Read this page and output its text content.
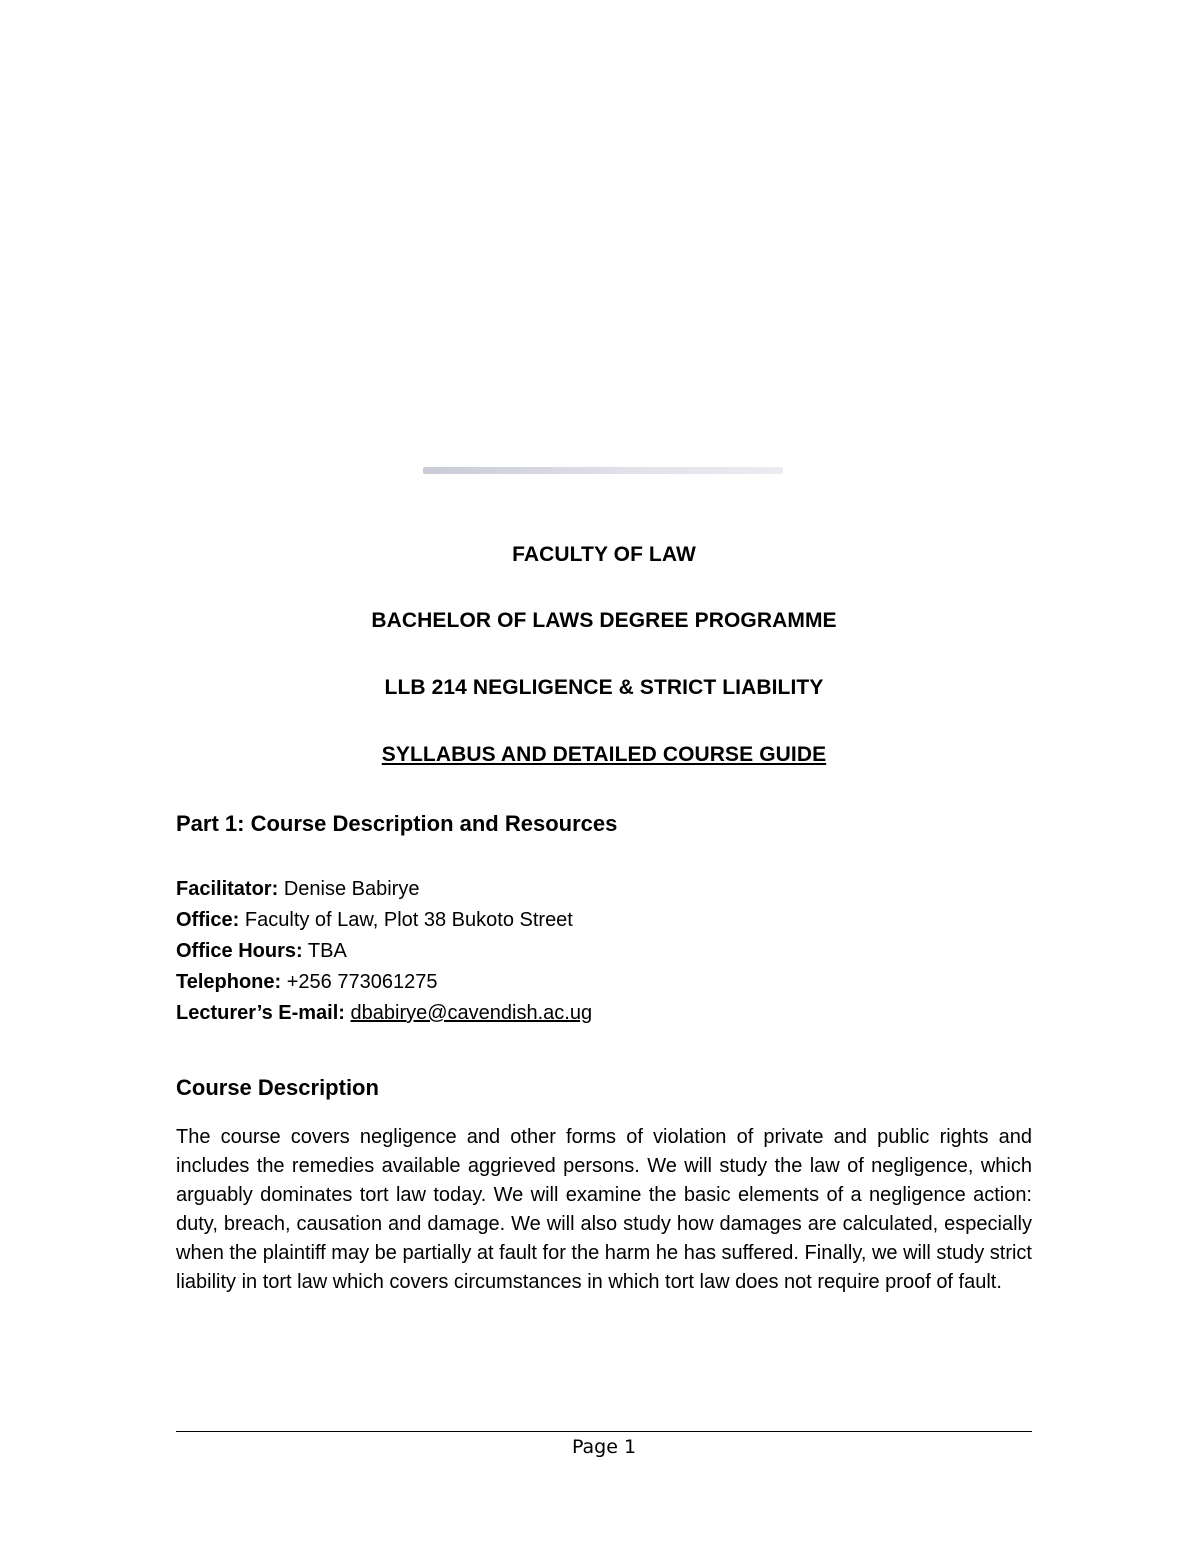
FACULTY OF LAW
BACHELOR OF LAWS DEGREE PROGRAMME
LLB 214 NEGLIGENCE & STRICT LIABILITY
SYLLABUS AND DETAILED COURSE GUIDE
Part 1: Course Description and Resources
Facilitator: Denise Babirye
Office: Faculty of Law, Plot 38 Bukoto Street
Office Hours: TBA
Telephone: +256 773061275
Lecturer’s E-mail: dbabirye@cavendish.ac.ug
Course Description
The course covers negligence and other forms of violation of private and public rights and includes the remedies available aggrieved persons. We will study the law of negligence, which arguably dominates tort law today. We will examine the basic elements of a negligence action: duty, breach, causation and damage. We will also study how damages are calculated, especially when the plaintiff may be partially at fault for the harm he has suffered. Finally, we will study strict liability in tort law which covers circumstances in which tort law does not require proof of fault.
Page 1
